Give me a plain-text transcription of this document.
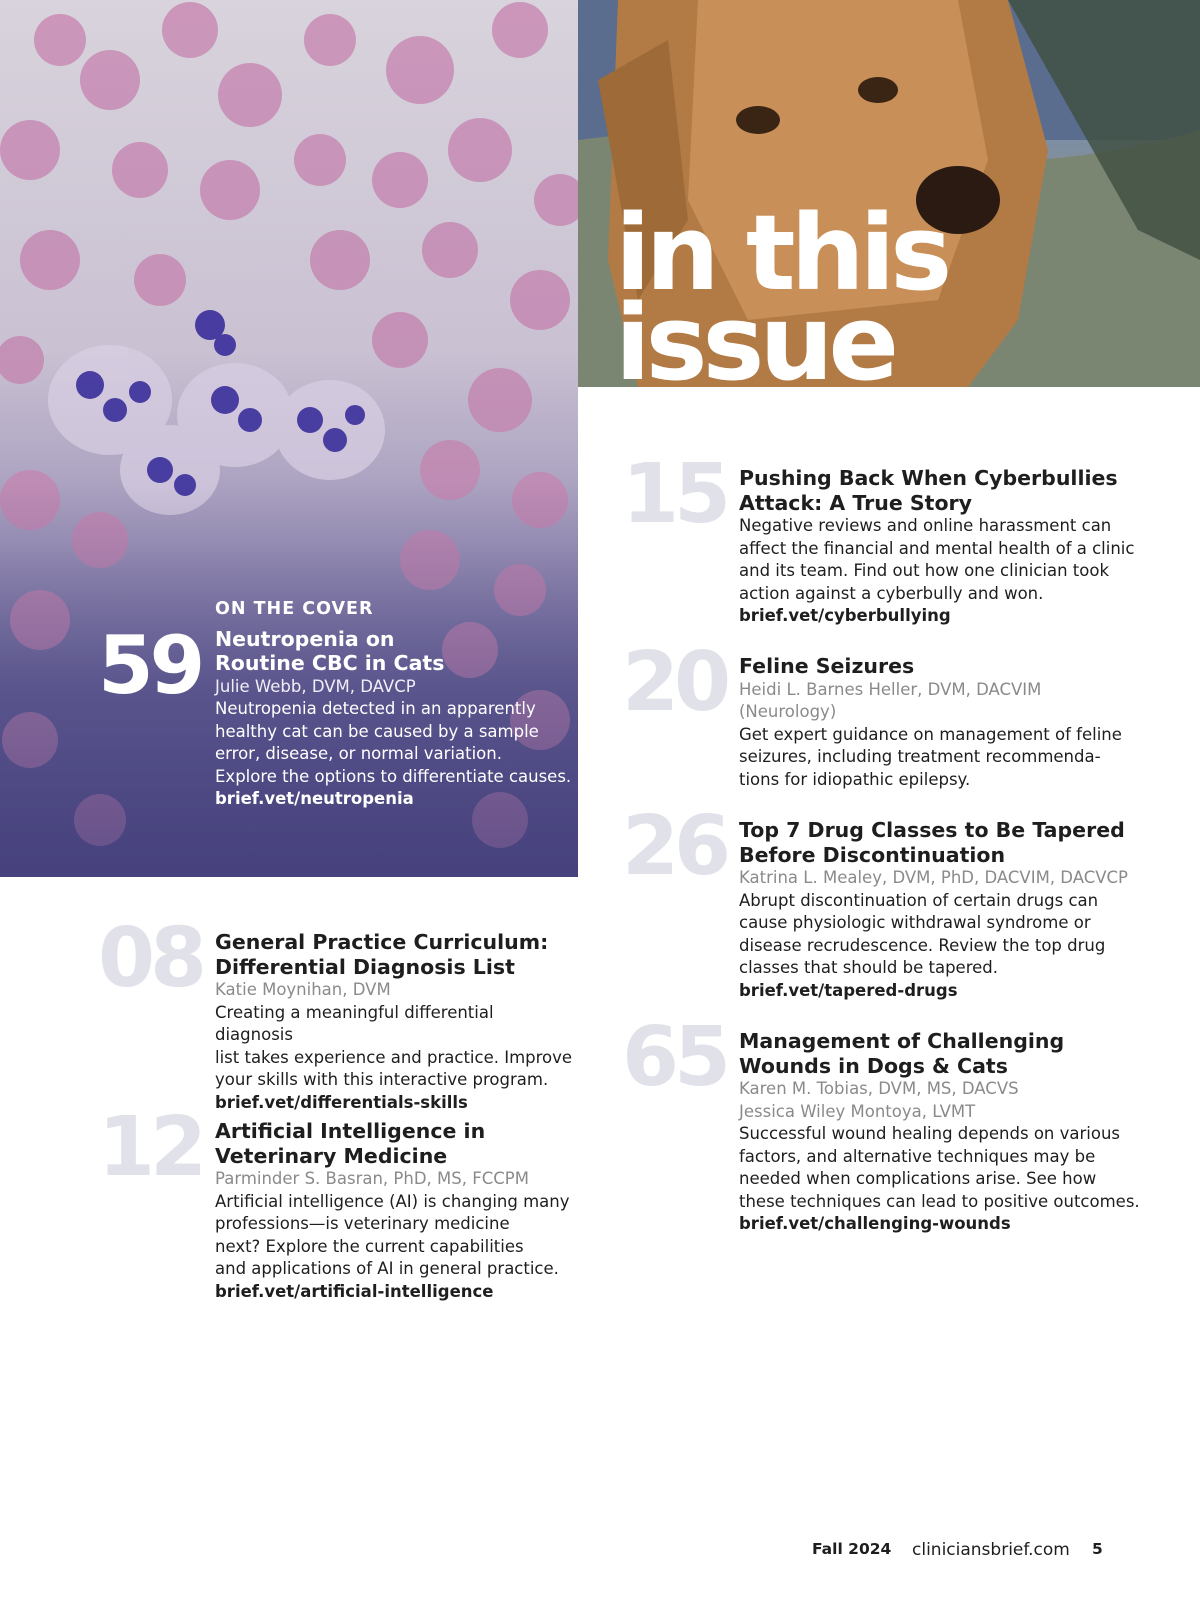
in this
issue
59
ON THE COVER
Neutropenia on
Routine CBC in Cats
Julie Webb, DVM, DAVCP
Neutropenia detected in an apparently
healthy cat can be caused by a sample
error, disease, or normal variation.
Explore the options to differentiate causes.
brief.vet/neutropenia
08 General Practice Curriculum:
Differential Diagnosis List
Katie Moynihan, DVM
Creating a meaningful differential diagnosis
list takes experience and practice. Improve
your skills with this interactive program.
brief.vet/differentials-skills
12 Artificial Intelligence in
Veterinary Medicine
Parminder S. Basran, PhD, MS, FCCPM
Artificial intelligence (AI) is changing many
professions—is veterinary medicine
next? Explore the current capabilities
and applications of AI in general practice.
brief.vet/artificial-intelligence
15 Pushing Back When Cyberbullies
Attack: A True Story
Negative reviews and online harassment can
affect the financial and mental health of a clinic
and its team. Find out how one clinician took
action against a cyberbully and won.
brief.vet/cyberbullying
20 Feline Seizures
Heidi L. Barnes Heller, DVM, DACVIM
(Neurology)
Get expert guidance on management of feline
seizures, including treatment recommenda-
tions for idiopathic epilepsy.
26 Top 7 Drug Classes to Be Tapered
Before Discontinuation
Katrina L. Mealey, DVM, PhD, DACVIM, DACVCP
Abrupt discontinuation of certain drugs can
cause physiologic withdrawal syndrome or
disease recrudescence. Review the top drug
classes that should be tapered.
brief.vet/tapered-drugs
65 Management of Challenging
Wounds in Dogs & Cats
Karen M. Tobias, DVM, MS, DACVS
Jessica Wiley Montoya, LVMT
Successful wound healing depends on various
factors, and alternative techniques may be
needed when complications arise. See how
these techniques can lead to positive outcomes.
brief.vet/challenging-wounds
Fall 2024 cliniciansbrief.com 5
